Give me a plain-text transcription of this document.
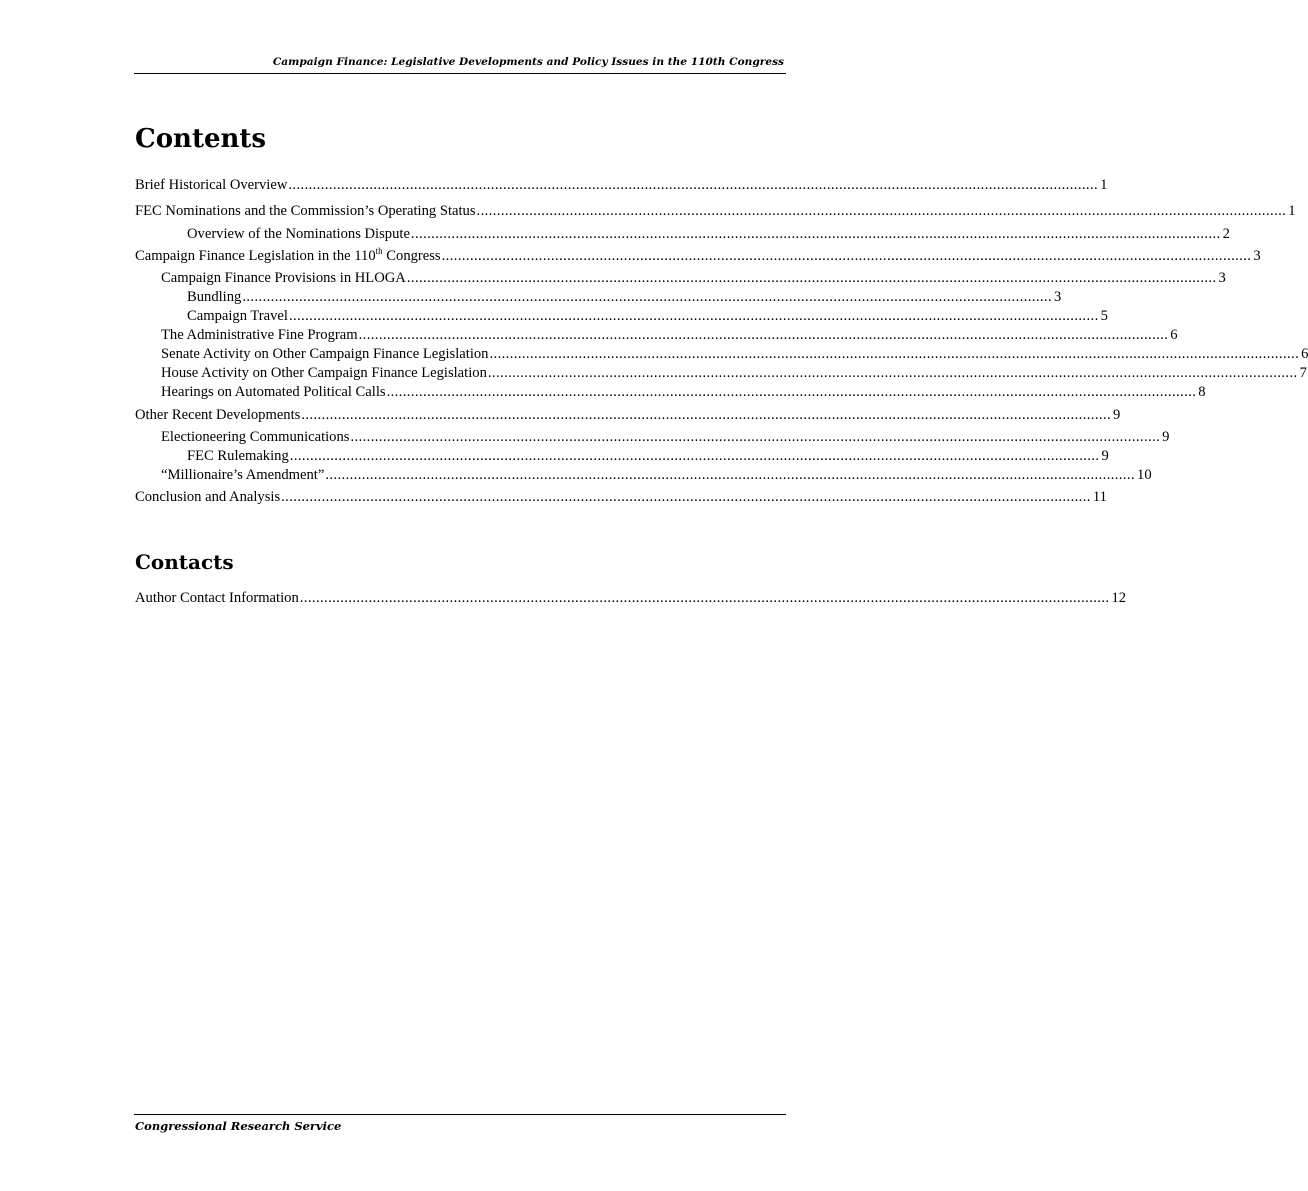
Campaign Finance: Legislative Developments and Policy Issues in the 110th Congress
Contents
Brief Historical Overview ........................................................................................................................................................................................................ 1
FEC Nominations and the Commission’s Operating Status ........................................................................................................................................................................................................ 1
Overview of the Nominations Dispute ........................................................................................................................................................................................................ 2
Campaign Finance Legislation in the 110th Congress ........................................................................................................................................................................................................ 3
Campaign Finance Provisions in HLOGA ........................................................................................................................................................................................................ 3
Bundling ........................................................................................................................................................................................................ 3
Campaign Travel ........................................................................................................................................................................................................ 5
The Administrative Fine Program ........................................................................................................................................................................................................ 6
Senate Activity on Other Campaign Finance Legislation ........................................................................................................................................................................................................ 6
House Activity on Other Campaign Finance Legislation ........................................................................................................................................................................................................ 7
Hearings on Automated Political Calls ........................................................................................................................................................................................................ 8
Other Recent Developments ........................................................................................................................................................................................................ 9
Electioneering Communications ........................................................................................................................................................................................................ 9
FEC Rulemaking ........................................................................................................................................................................................................ 9
“Millionaire’s Amendment” ........................................................................................................................................................................................................ 10
Conclusion and Analysis ........................................................................................................................................................................................................ 11
Contacts
Author Contact Information ........................................................................................................................................................................................................ 12
Congressional Research Service
